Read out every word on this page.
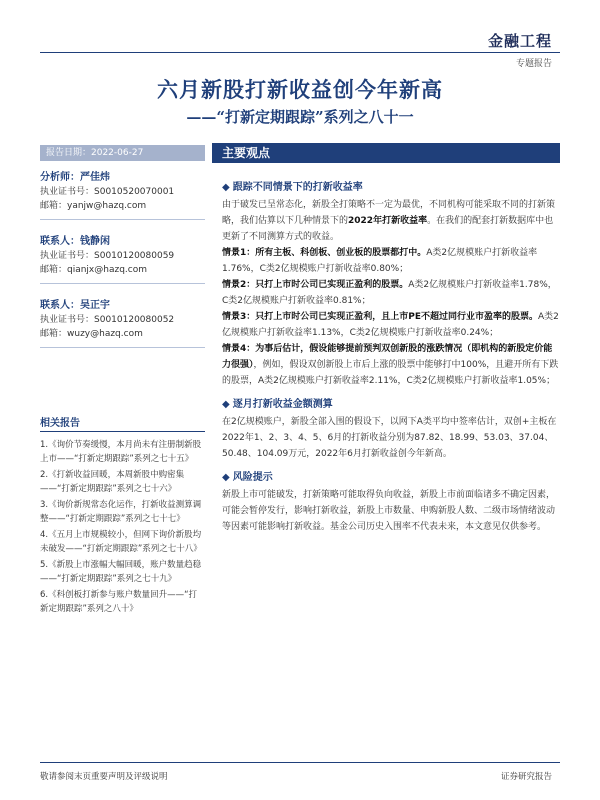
金融工程
专题报告
六月新股打新收益创今年新高
——“打新定期跟踪”系列之八十一
报告日期：2022-06-27	主要观点
分析师：严佳炜
执业证书号：S0010520070001
邮箱：yanjw@hazq.com
联系人：钱静闲
执业证书号：S0010120080059
邮箱：qianjx@hazq.com
联系人：吴正宇
执业证书号：S0010120080052
邮箱：wuzy@hazq.com
相关报告
1.《询价节奏缓慢，本月尚未有注册制新股上市——“打新定期跟踪”系列之七十五》
2.《打新收益回暖，本周新股中购密集——“打新定期跟踪”系列之七十六》
3.《询价新规常态化运作，打新收益测算调整——“打新定期跟踪”系列之七十七》
4.《五月上市规模较小，但网下询价新股均未破发——“打新定期跟踪”系列之七十八》
5.《新股上市涨幅大幅回暖，账户数量趋稳——“打新定期跟踪”系列之七十九》
6.《科创板打新参与账户数量回升——“打新定期跟踪”系列之八十》
◆ 跟踪不同情景下的打新收益率
由于破发已呈常态化，新股全打策略不一定为最优，不同机构可能采取不同的打新策略，我们估算以下几种情景下的2022年打新收益率。在我们的配套打新数据库中也更新了不同测算方式的收益。
情景1：所有主板、科创板、创业板的股票都打中。A类2亿规模账户打新收益率1.76%，C类2亿规模账户打新收益率0.80%；
情景2：只打上市时公司已实现正盈利的股票。A类2亿规模账户打新收益率1.78%，C类2亿规模账户打新收益率0.81%；
情景3：只打上市时公司已实现正盈利，且上市PE不超过同行业市盈率的股票。A类2亿规模账户打新收益率1.13%，C类2亿规模账户打新收益率0.24%；
情景4：为事后估计，假设能够提前预判双创新股的涨跌情况（即机构的新股定价能力很强），例如，假设双创新股上市后上涨的股票中能够打中100%，且避开所有下跌的股票，A类2亿规模账户打新收益率2.11%，C类2亿规模账户打新收益率1.05%；
◆ 逐月打新收益金额测算
在2亿规模账户，新股全部入围的假设下，以网下A类平均中签率估计，双创+主板在2022年1、2、3、4、5、6月的打新收益分别为87.82、18.99、53.03、37.04、50.48、104.09万元，2022年6月打新收益创今年新高。
◆ 风险提示
新股上市可能破发，打新策略可能取得负向收益，新股上市前面临诸多不确定因素，可能会暂停发行，影响打新收益，新股上市数量、申购新股人数、二级市场情绪波动等因素可能影响打新收益。基金公司历史入围率不代表未来，本文意见仅供参考。
敬请参阅末页重要声明及评级说明	证券研究报告
